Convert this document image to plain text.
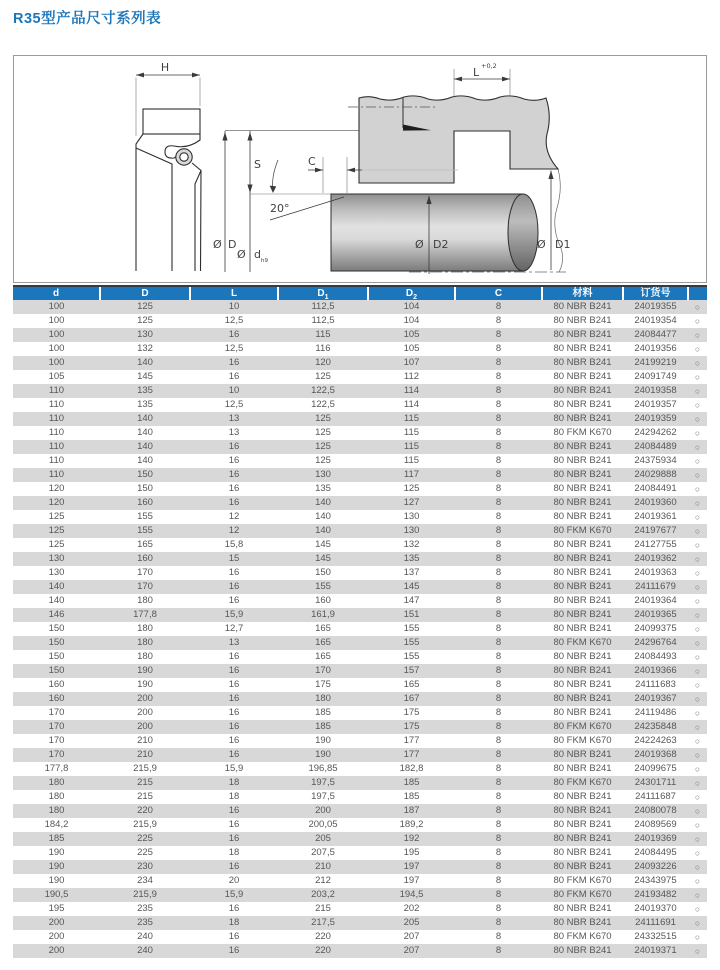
R35型产品尺寸系列表
H	L +0,2
S
Ø D
Ø d h9
C
20°
Ø D2	Ø D1
d	D	L	$D_1$	$D_2$	C	材料	订货号	
100	125	10	112,5	104	8	80 NBR B241	24019355	○
100	125	12,5	112,5	104	8	80 NBR B241	24019354	○
100	130	16	115	105	8	80 NBR B241	24084477	○
100	132	12,5	116	105	8	80 NBR B241	24019356	○
100	140	16	120	107	8	80 NBR B241	24199219	○
105	145	16	125	112	8	80 NBR B241	24091749	○
110	135	10	122,5	114	8	80 NBR B241	24019358	○
110	135	12,5	122,5	114	8	80 NBR B241	24019357	○
110	140	13	125	115	8	80 NBR B241	24019359	○
110	140	13	125	115	8	80 FKM K670	24294262	○
110	140	16	125	115	8	80 NBR B241	24084489	○
110	140	16	125	115	8	80 NBR B241	24375934	○
110	150	16	130	117	8	80 NBR B241	24029888	○
120	150	16	135	125	8	80 NBR B241	24084491	○
120	160	16	140	127	8	80 NBR B241	24019360	○
125	155	12	140	130	8	80 NBR B241	24019361	○
125	155	12	140	130	8	80 FKM K670	24197677	○
125	165	15,8	145	132	8	80 NBR B241	24127755	○
130	160	15	145	135	8	80 NBR B241	24019362	○
130	170	16	150	137	8	80 NBR B241	24019363	○
140	170	16	155	145	8	80 NBR B241	24111679	○
140	180	16	160	147	8	80 NBR B241	24019364	○
146	177,8	15,9	161,9	151	8	80 NBR B241	24019365	○
150	180	12,7	165	155	8	80 NBR B241	24099375	○
150	180	13	165	155	8	80 FKM K670	24296764	○
150	180	16	165	155	8	80 NBR B241	24084493	○
150	190	16	170	157	8	80 NBR B241	24019366	○
160	190	16	175	165	8	80 NBR B241	24111683	○
160	200	16	180	167	8	80 NBR B241	24019367	○
170	200	16	185	175	8	80 NBR B241	24119486	○
170	200	16	185	175	8	80 FKM K670	24235848	○
170	210	16	190	177	8	80 FKM K670	24224263	○
170	210	16	190	177	8	80 NBR B241	24019368	○
177,8	215,9	15,9	196,85	182,8	8	80 NBR B241	24099675	○
180	215	18	197,5	185	8	80 FKM K670	24301711	○
180	215	18	197,5	185	8	80 NBR B241	24111687	○
180	220	16	200	187	8	80 NBR B241	24080078	○
184,2	215,9	16	200,05	189,2	8	80 NBR B241	24089569	○
185	225	16	205	192	8	80 NBR B241	24019369	○
190	225	18	207,5	195	8	80 NBR B241	24084495	○
190	230	16	210	197	8	80 NBR B241	24093226	○
190	234	20	212	197	8	80 FKM K670	24343975	○
190,5	215,9	15,9	203,2	194,5	8	80 FKM K670	24193482	○
195	235	16	215	202	8	80 NBR B241	24019370	○
200	235	18	217,5	205	8	80 NBR B241	24111691	○
200	240	16	220	207	8	80 FKM K670	24332515	○
200	240	16	220	207	8	80 NBR B241	24019371	○
